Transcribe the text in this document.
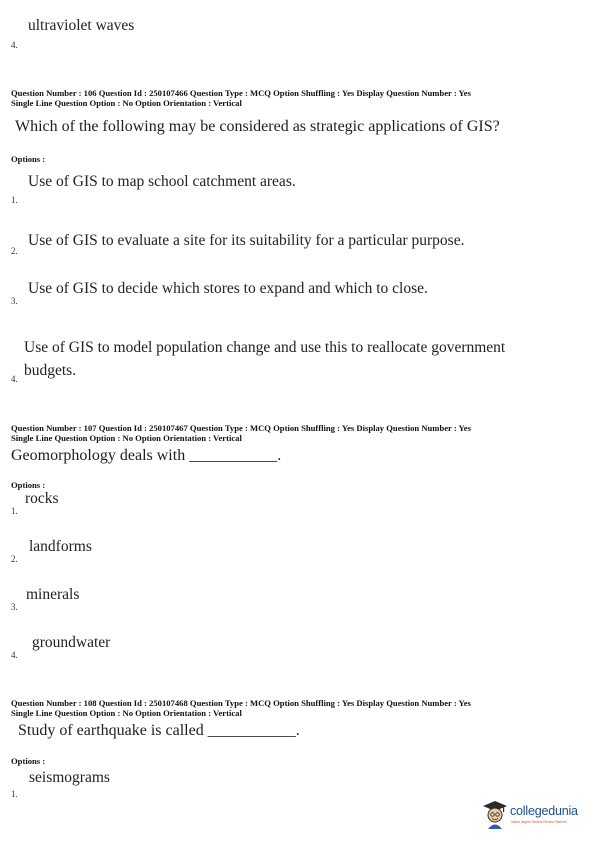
ultraviolet waves
4.
Question Number : 106 Question Id : 250107466 Question Type : MCQ Option Shuffling : Yes Display Question Number : Yes
Single Line Question Option : No Option Orientation : Vertical
Which of the following may be considered as strategic applications of GIS?
Options :
Use of GIS to map school catchment areas.
1.
Use of GIS to evaluate a site for its suitability for a particular purpose.
2.
Use of GIS to decide which stores to expand and which to close.
3.
Use of GIS to model population change and use this to reallocate government
budgets.
4.
Question Number : 107 Question Id : 250107467 Question Type : MCQ Option Shuffling : Yes Display Question Number : Yes
Single Line Question Option : No Option Orientation : Vertical
Geomorphology deals with ___________.
Options :
rocks
1.
landforms
2.
minerals
3.
groundwater
4.
Question Number : 108 Question Id : 250107468 Question Type : MCQ Option Shuffling : Yes Display Question Number : Yes
Single Line Question Option : No Option Orientation : Vertical
Study of earthquake is called ___________.
Options :
seismograms
1.
collegedunia
India's largest Student Review Platform
